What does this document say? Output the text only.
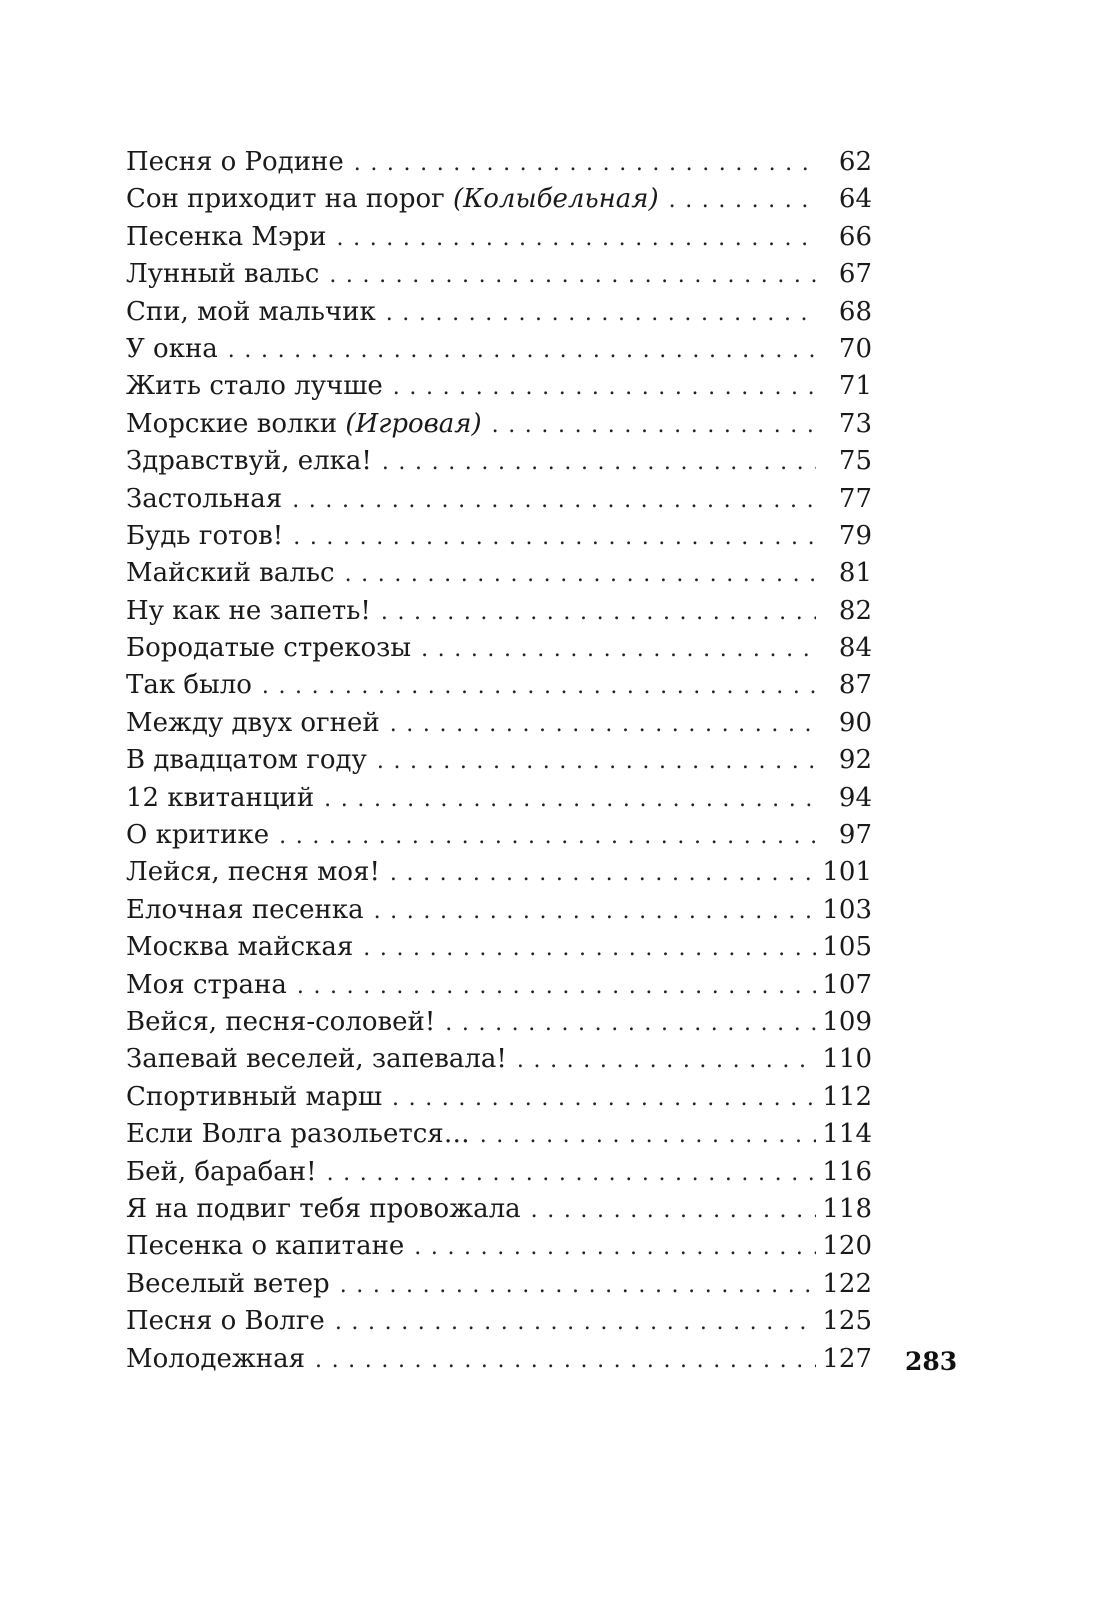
Песня о Родине .....	62
Сон приходит на порог (Колыбельная) .....	64
Песенка Мэри .....	66
Лунный вальс .....	67
Спи, мой мальчик .....	68
У окна .....	70
Жить стало лучше .....	71
Морские волки (Игровая) .....	73
Здравствуй, елка! .....	75
Застольная .....	77
Будь готов! .....	79
Майский вальс .....	81
Ну как не запеть! .....	82
Бородатые стрекозы .....	84
Так было .....	87
Между двух огней .....	90
В двадцатом году .....	92
12 квитанций .....	94
О критике .....	97
Лейся, песня моя! .....	101
Елочная песенка .....	103
Москва майская .....	105
Моя страна .....	107
Вейся, песня-соловей! .....	109
Запевай веселей, запевала! .....	110
Спортивный марш .....	112
Если Волга разольется… .....	114
Бей, барабан! .....	116
Я на подвиг тебя провожала .....	118
Песенка о капитане .....	120
Веселый ветер .....	122
Песня о Волге .....	125
Молодежная .....	127 283
